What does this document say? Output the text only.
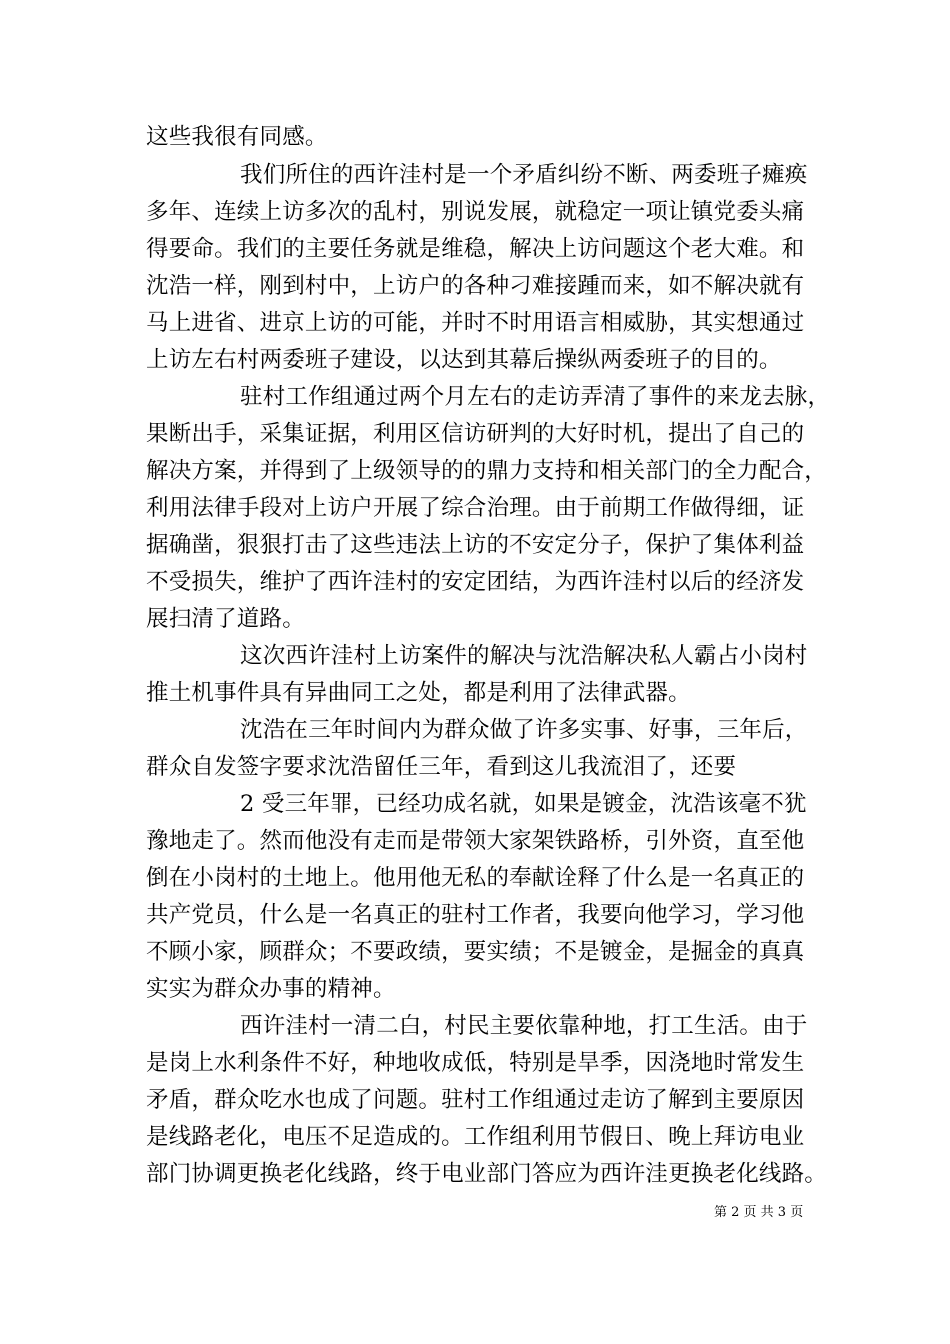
这些我很有同感。
我们所住的西许洼村是一个矛盾纠纷不断、两委班子瘫痪
多年、连续上访多次的乱村，别说发展，就稳定一项让镇党委头痛
得要命。我们的主要任务就是维稳，解决上访问题这个老大难。和
沈浩一样，刚到村中，上访户的各种刁难接踵而来，如不解决就有
马上进省、进京上访的可能，并时不时用语言相威胁，其实想通过
上访左右村两委班子建设，以达到其幕后操纵两委班子的目的。
驻村工作组通过两个月左右的走访弄清了事件的来龙去脉，
果断出手，采集证据，利用区信访研判的大好时机，提出了自己的
解决方案，并得到了上级领导的的鼎力支持和相关部门的全力配合，
利用法律手段对上访户开展了综合治理。由于前期工作做得细，证
据确凿，狠狠打击了这些违法上访的不安定分子，保护了集体利益
不受损失，维护了西许洼村的安定团结，为西许洼村以后的经济发
展扫清了道路。
这次西许洼村上访案件的解决与沈浩解决私人霸占小岗村
推土机事件具有异曲同工之处，都是利用了法律武器。
沈浩在三年时间内为群众做了许多实事、好事，三年后，
群众自发签字要求沈浩留任三年，看到这儿我流泪了，还要
2 受三年罪，已经功成名就，如果是镀金，沈浩该毫不犹
豫地走了。然而他没有走而是带领大家架铁路桥，引外资，直至他
倒在小岗村的土地上。他用他无私的奉献诠释了什么是一名真正的
共产党员，什么是一名真正的驻村工作者，我要向他学习，学习他
不顾小家，顾群众；不要政绩，要实绩；不是镀金，是掘金的真真
实实为群众办事的精神。
西许洼村一清二白，村民主要依靠种地，打工生活。由于
是岗上水利条件不好，种地收成低，特别是旱季，因浇地时常发生
矛盾，群众吃水也成了问题。驻村工作组通过走访了解到主要原因
是线路老化，电压不足造成的。工作组利用节假日、晚上拜访电业
部门协调更换老化线路，终于电业部门答应为西许洼更换老化线路。
第 2 页 共 3 页
